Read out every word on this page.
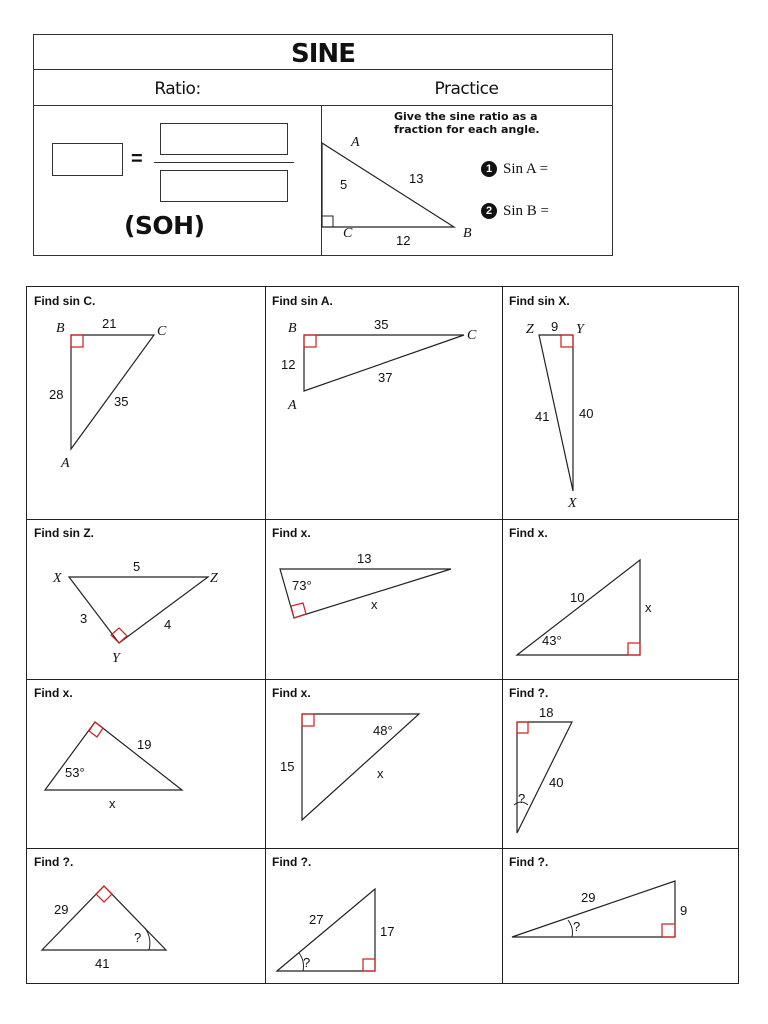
SINE
Ratio:	Practice
=
(SOH)
Give the sine ratio as a
fraction for each angle.
A
B
C
5	13
12
1 Sin A =
2 Sin B =
Find sin C.
B	C
A
21
28	35
Find sin A.
B	C
A
35
12
37
Find sin X.
Z	Y
X
9
41 40
Find sin Z.
X	Z
Y
5
3	4
Find x.
13
73°
x
Find x.
10
x
43°
Find x.
19
53°
x
Find x.
48°
15	x
Find ?.
18
40
?
Find ?.
29
?
41
Find ?.
27
17
?
Find ?.
29
9
?
